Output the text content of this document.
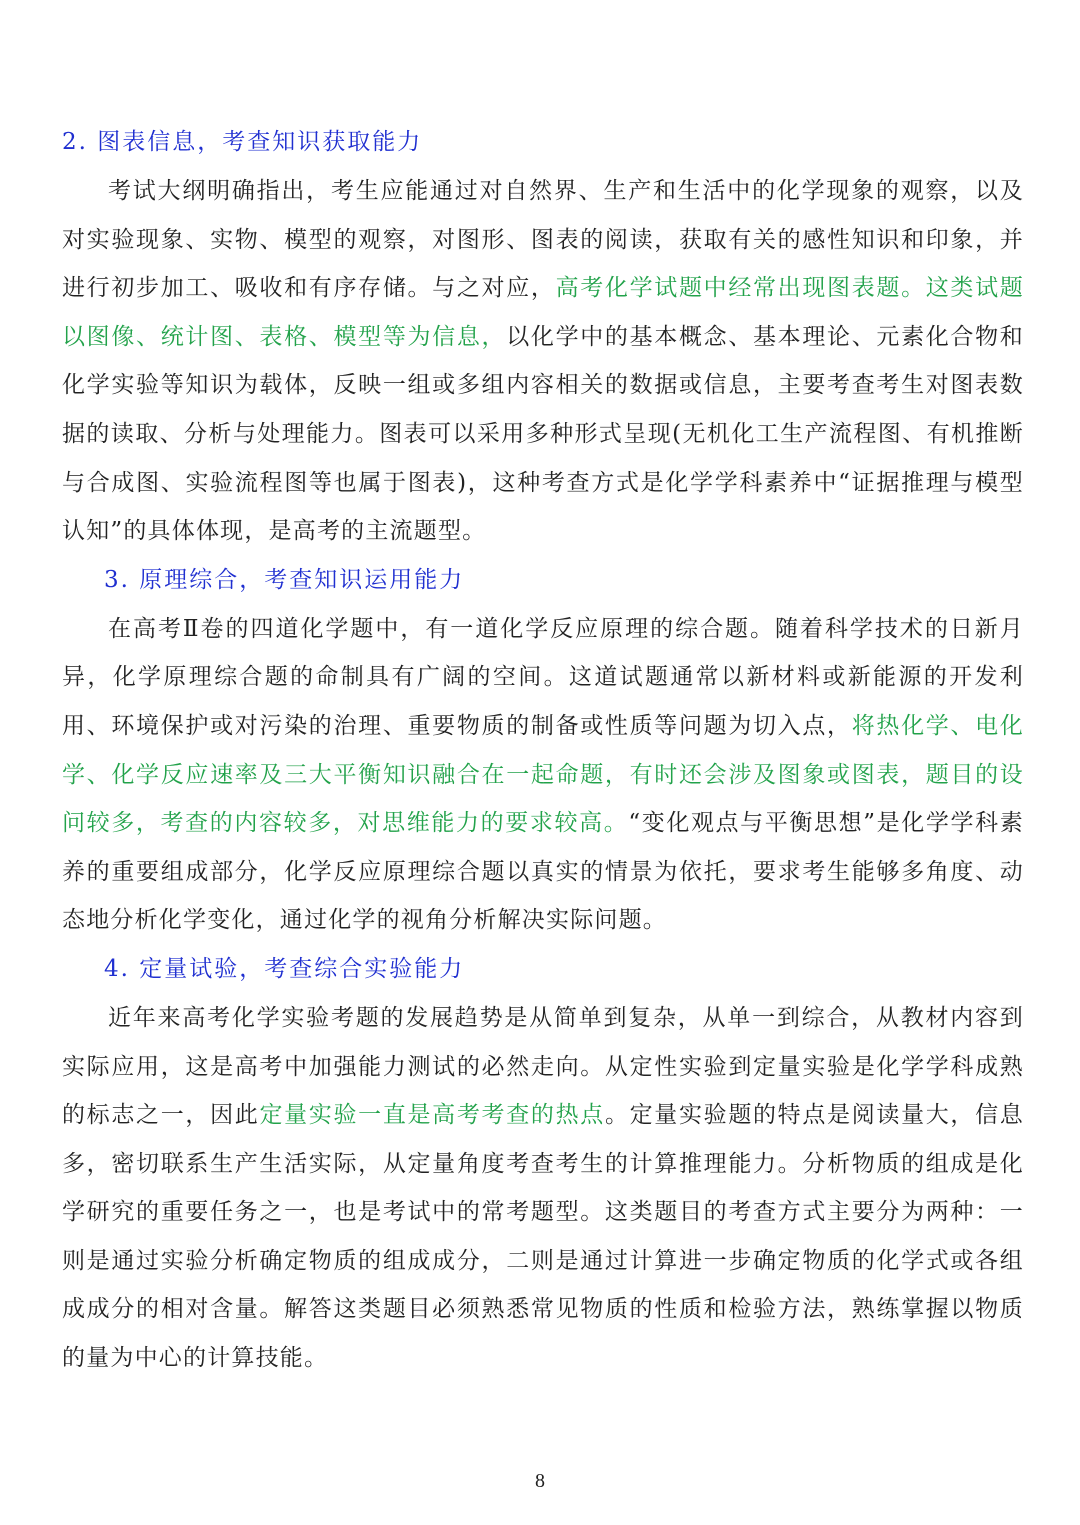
2. 图表信息，考查知识获取能力

考试大纲明确指出，考生应能通过对自然界、生产和生活中的化学现象的观察，以及对实验现象、实物、模型的观察，对图形、图表的阅读，获取有关的感性知识和印象，并进行初步加工、吸收和有序存储。与之对应，高考化学试题中经常出现图表题。这类试题以图像、统计图、表格、模型等为信息，以化学中的基本概念、基本理论、元素化合物和化学实验等知识为载体，反映一组或多组内容相关的数据或信息，主要考查考生对图表数据的读取、分析与处理能力。图表可以采用多种形式呈现(无机化工生产流程图、有机推断与合成图、实验流程图等也属于图表)，这种考查方式是化学学科素养中“证据推理与模型认知”的具体体现，是高考的主流题型。

3. 原理综合，考查知识运用能力

在高考Ⅱ卷的四道化学题中，有一道化学反应原理的综合题。随着科学技术的日新月异，化学原理综合题的命制具有广阔的空间。这道试题通常以新材料或新能源的开发利用、环境保护或对污染的治理、重要物质的制备或性质等问题为切入点，将热化学、电化学、化学反应速率及三大平衡知识融合在一起命题，有时还会涉及图象或图表，题目的设问较多，考查的内容较多，对思维能力的要求较高。“变化观点与平衡思想”是化学学科素养的重要组成部分，化学反应原理综合题以真实的情景为依托，要求考生能够多角度、动态地分析化学变化，通过化学的视角分析解决实际问题。

4. 定量试验，考查综合实验能力

近年来高考化学实验考题的发展趋势是从简单到复杂，从单一到综合，从教材内容到实际应用，这是高考中加强能力测试的必然走向。从定性实验到定量实验是化学学科成熟的标志之一，因此定量实验一直是高考考查的热点。定量实验题的特点是阅读量大，信息多，密切联系生产生活实际，从定量角度考查考生的计算推理能力。分析物质的组成是化学研究的重要任务之一，也是考试中的常考题型。这类题目的考查方式主要分为两种：一则是通过实验分析确定物质的组成成分，二则是通过计算进一步确定物质的化学式或各组成成分的相对含量。解答这类题目必须熟悉常见物质的性质和检验方法，熟练掌握以物质的量为中心的计算技能。

8
